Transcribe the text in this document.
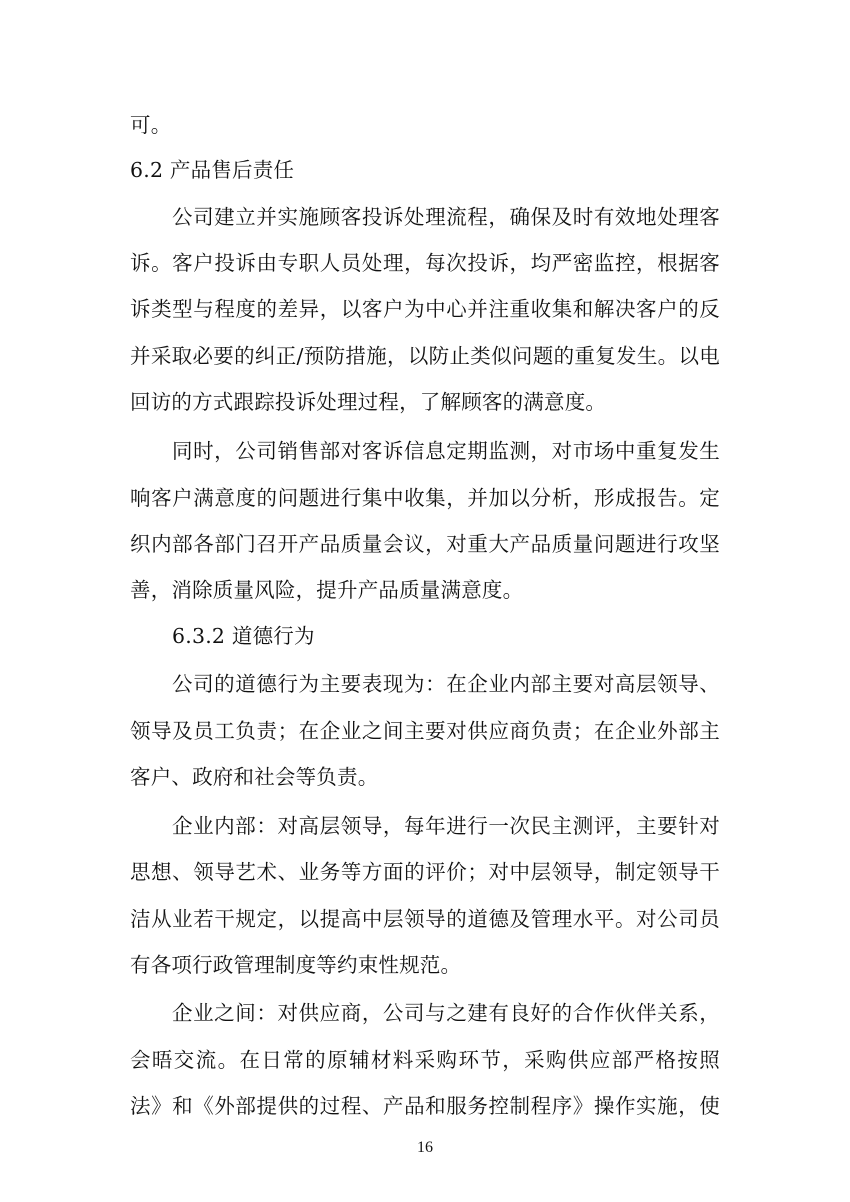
可。
6.2 产品售后责任
公司建立并实施顾客投诉处理流程，确保及时有效地处理客
诉。客户投诉由专职人员处理，每次投诉，均严密监控，根据客
诉类型与程度的差异，以客户为中心并注重收集和解决客户的反
并采取必要的纠正/预防措施，以防止类似问题的重复发生。以电
回访的方式跟踪投诉处理过程，了解顾客的满意度。
同时，公司销售部对客诉信息定期监测，对市场中重复发生
响客户满意度的问题进行集中收集，并加以分析，形成报告。定
织内部各部门召开产品质量会议，对重大产品质量问题进行攻坚
善，消除质量风险，提升产品质量满意度。
6.3.2 道德行为
公司的道德行为主要表现为：在企业内部主要对高层领导、
领导及员工负责；在企业之间主要对供应商负责；在企业外部主
客户、政府和社会等负责。
企业内部：对高层领导，每年进行一次民主测评，主要针对
思想、领导艺术、业务等方面的评价；对中层领导，制定领导干
洁从业若干规定，以提高中层领导的道德及管理水平。对公司员
有各项行政管理制度等约束性规范。
企业之间：对供应商，公司与之建有良好的合作伙伴关系，
会晤交流。在日常的原辅材料采购环节，采购供应部严格按照
法》和《外部提供的过程、产品和服务控制程序》操作实施，使
16
